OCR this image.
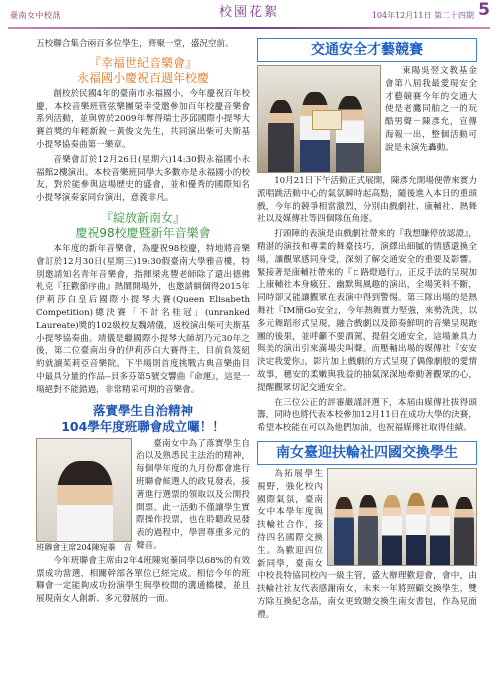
臺南女中校訊	校園花絮	104年12月11日 第二十四期 5

五校聯合集合兩百多位學生，齊聚一堂，盛況空前。

『幸福世紀音樂會』
永福國小慶祝百週年校慶

創校於民國4年的臺南市永福國小，今年慶祝百年校慶，本校音樂班管弦樂團榮幸受邀參加百年校慶音樂會系列活動，並與曾於2009年奪得瑞士莎邱國際小提琴大賽首獎的年輕新銳－黃俊文先生，共同演出柴可夫斯基小提琴協奏曲第一樂章。

音樂會訂於12月26日(星期六)14:30假永福國小永福館2樓演出。本校音樂班同學大多數亦是永福國小的校友，對於能參與這場歷史的盛會，並和優秀的國際知名小提琴演奏家同台演出，意義非凡。

『綻放新南女』
慶祝98校慶暨新年音樂會

本年度的新年音樂會，為慶祝98校慶，特地將音樂會訂於12月30日(星期三)19:30假臺南大學雅音樓，特別邀請知名青年音樂會，指揮梁兆豐老師除了還出德佛札克『狂歡節序曲』熱鬧開場外，也邀請網個得2015年伊莉莎白皇后國際小提琴大賽(Queen Elisabeth Competition)總決賽「不計名桂冠」(unranked Laureate)獎的102級校友魏靖儀，返校演出柴可夫斯基小提琴協奏曲。靖儀是繼國際小提琴大師胡乃元30年之後，第二位臺南出身的伊莉莎白大賽得主，目前負笈紐約就讀茱莉亞音樂院。下半場則首度挑戰古典音樂曲目中最具分量的作品--貝多芬第5號交響曲『命運』，這是一場絕對不能錯過，非常精采可期的音樂會。

落實學生自治精神
104學年度班聯會成立囉！！
班聯會主席204陳宛蓁　音

臺南女中為了落實學生自治以及熟悉民主法治的精神，每個學年度的九月份都會進行班聯會候選人的政見發表，接著進行選票的領取以及公開投開票。此一活動不僅讓學生實際操作投票，也在聆聽政見發表的過程中，學習尊重多元的聲音。

今年班聯會主席由2年4班陳宛蓁同學以68%的有效票成功當選，相關幹部各單位已經完成。相信今年的班聯會一定能夠成功扮演學生與學校間的溝通橋樑，並且展現南女人創新、多元發展的一面。

交通安全才藝競賽

東陽吳翌文教基金會第八屆我最愛現安全才藝競賽今年的交通大使是老鷹同舶之一的玩酷男聲－陳彥允，宣傳海報一出，整個活動可說是未演先轟動。

10月21日下午活動正式展開，陳彥允開場便帶來實力派唱跳活動中心的氣氛瞬時起高點，隨後進入本日的重頭戲，今年的競爭相當激烈，分別由戲劇社、康輔社、熱舞社以及媒傳社等四個隊伍角逐。

打頭陣的表演是由戲劇社帶來的『我想賺停放認證』，精湛的演技和專業的舞臺技巧，演繹出細膩的情感還換全場，讓觀眾感同身受，深刻了解交通安全的重要及影響。緊接著是康輔社帶來的『ㄈ路燈過行』，正反手法的呈現加上康輔社本身瘋狂、幽默與風趣的演出，全場笑料不斷，同時卻又能讓觀眾在表演中得到警惕。第三隊出場的是熱舞社『IM簡Go安全』，今年熱舞實力堅強，來勢洗洗，以多元舞蹈形式呈現，融合戲劇以及節奏鮮明的音樂呈現跑團的後果，並呼籲不要酒駕，提倡交通安全，這場兼具力與美的演出引來滿場尖叫聲。而壓軸出場的媒傳社『安安決定我愛你』，影片加上戲劇的方式呈現了偶像劇般的愛情故事，穗安的柔嫩與我益的抽氣深深地牽動著觀眾的心，提醒觀眾切記交通安全。

在三位公正的評審嚴謹評選下，本屆由媒傳社拔得頭籌，同時也將代表本校參加12月11日在成功大學的決賽，希望本校能在可以為他們加油，也祝福媒傳社取得佳績。

南女臺迎扶輪社四國交換學生

為拓展學生視野，強化校內國際氣氛，臺南女中本學年度與扶輪社合作，接待四名國際交換生。為歡迎四位新同學，臺南女中校長特協同校內一級主管，盛大辦理歡迎會，會中，由扶輪社社友代表感謝南女，未來一年將照顧交換學生，雙方除互換紀念品，南女更致贈交換生南女書包，作為見面禮。
